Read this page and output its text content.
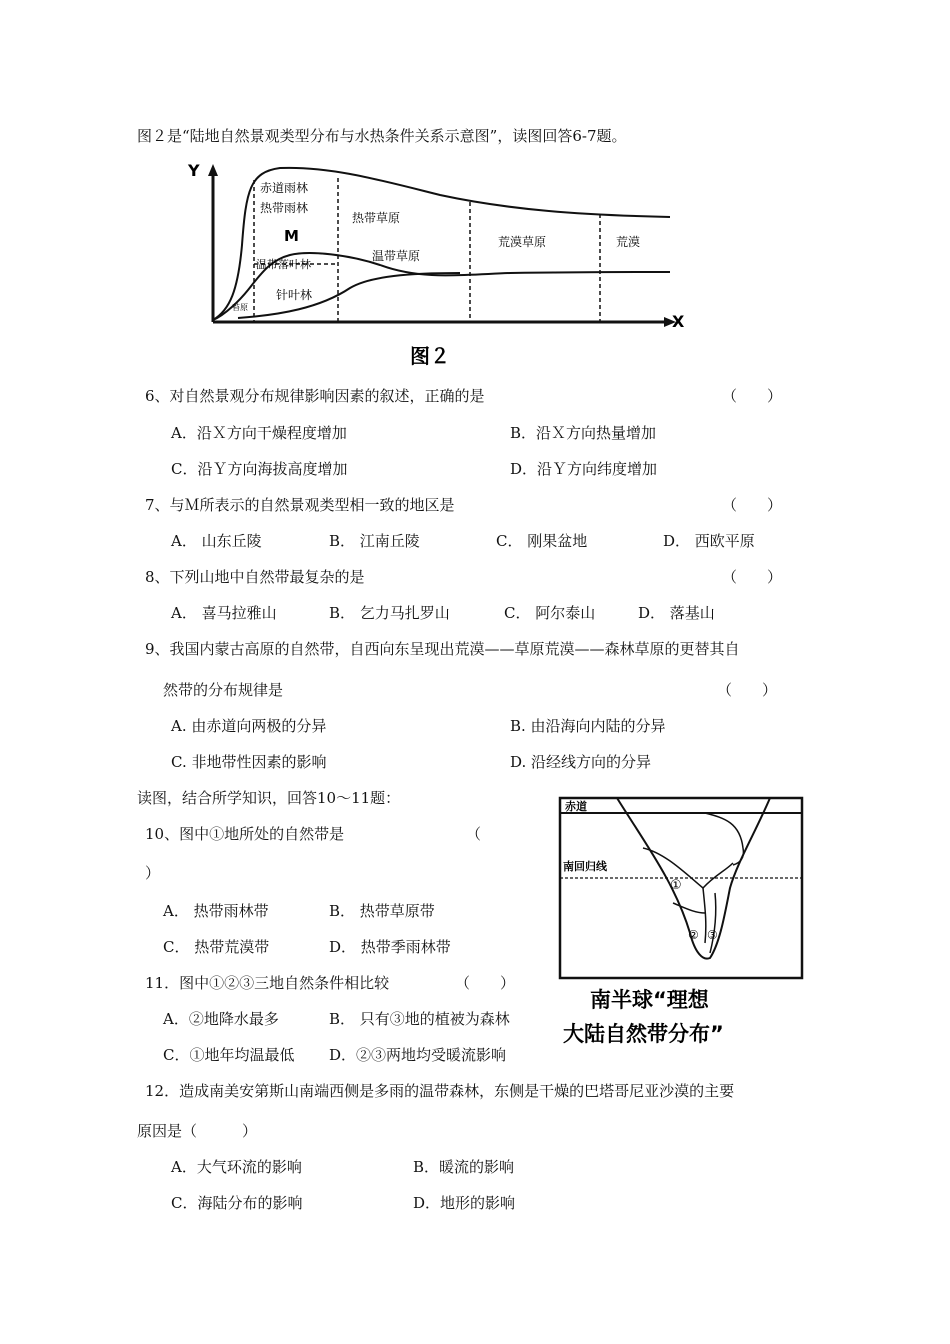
图２是“陆地自然景观类型分布与水热条件关系示意图”，读图回答6-7题。
Y
X
赤道雨林
热带雨林
M
温带落叶林
针叶林
苔原
热带草原
温带草原
荒漠草原	荒漠
图２
6、对自然景观分布规律影响因素的叙述，正确的是	（　　）
A．沿Ｘ方向干燥程度增加	B．沿Ｘ方向热量增加
C．沿Ｙ方向海拔高度增加	D．沿Ｙ方向纬度增加
7、与Ｍ所表示的自然景观类型相一致的地区是	（　　）
A． 山东丘陵	B． 江南丘陵	C． 刚果盆地	D． 西欧平原
8、下列山地中自然带最复杂的是	（　　）
A． 喜马拉雅山	B． 乞力马扎罗山	C． 阿尔泰山	D． 落基山
9、我国内蒙古高原的自然带，自西向东呈现出荒漠——草原荒漠——森林草原的更替其自
然带的分布规律是	（　　）
A. 由赤道向两极的分异	B. 由沿海向内陆的分异
C. 非地带性因素的影响	D. 沿经线方向的分异
读图，结合所学知识，回答10～11题：
10、图中①地所处的自然带是	（
）
A． 热带雨林带	B． 热带草原带
C． 热带荒漠带	D． 热带季雨林带
11．图中①②③三地自然条件相比较	（　　）
A．②地降水最多	B． 只有③地的植被为森林
C．①地年均温最低 D．②③两地均受暖流影响
赤道
南回归线
①
② ③
南半球“理想
大陆自然带分布”
12．造成南美安第斯山南端西侧是多雨的温带森林，东侧是干燥的巴塔哥尼亚沙漠的主要
原因是（　　　）
A．大气环流的影响	B．暖流的影响
C．海陆分布的影响	D．地形的影响
